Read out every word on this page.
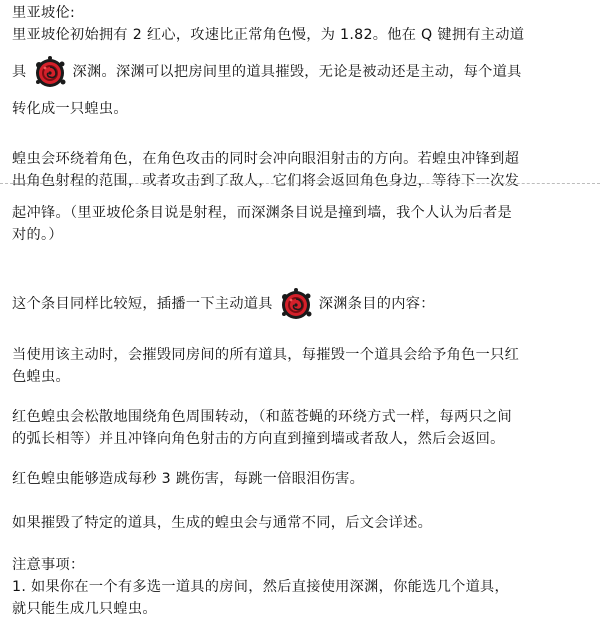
里亚坡伦:
里亚坡伦初始拥有 2 红心，攻速比正常角色慢，为 1.82。他在 Q 键拥有主动道
具	深渊。深渊可以把房间里的道具摧毁，无论是被动还是主动，每个道具
转化成一只蝗虫。
蝗虫会环绕着角色，在角色攻击的同时会冲向眼泪射击的方向。若蝗虫冲锋到超
出角色射程的范围，或者攻击到了敌人，它们将会返回角色身边，等待下一次发
起冲锋。（里亚坡伦条目说是射程，而深渊条目说是撞到墙，我个人认为后者是
对的。）
这个条目同样比较短，插播一下主动道具	深渊条目的内容：
当使用该主动时，会摧毁同房间的所有道具，每摧毁一个道具会给予角色一只红
色蝗虫。
红色蝗虫会松散地围绕角色周围转动，（和蓝苍蝇的环绕方式一样，每两只之间
的弧长相等）并且冲锋向角色射击的方向直到撞到墙或者敌人，然后会返回。
红色蝗虫能够造成每秒 3 跳伤害，每跳一倍眼泪伤害。
如果摧毁了特定的道具，生成的蝗虫会与通常不同，后文会详述。
注意事项：
1. 如果你在一个有多选一道具的房间，然后直接使用深渊，你能选几个道具，
就只能生成几只蝗虫。
